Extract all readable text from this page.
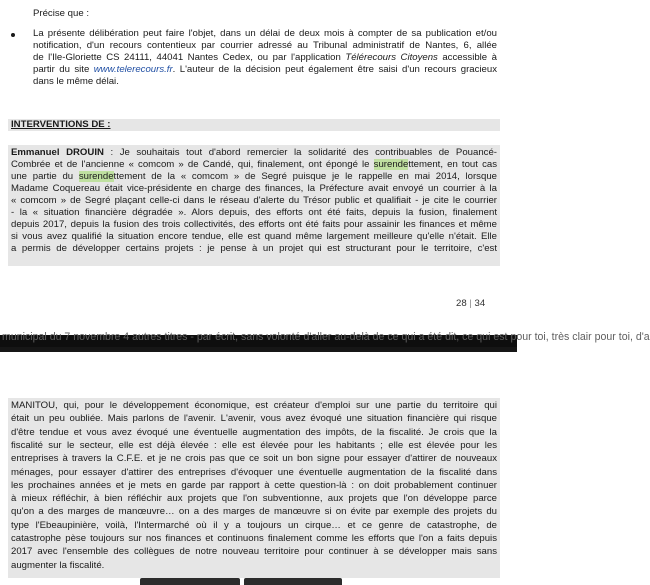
Précise que :
La présente délibération peut faire l'objet, dans un délai de deux mois à compter de sa publication et/ou
notification, d'un recours contentieux par courrier adressé au Tribunal administratif de Nantes, 6, allée
de l'Ile-Gloriette CS 24111, 44041 Nantes Cedex, ou par l'application Télérecours Citoyens accessible à
partir du site www.telerecours.fr. L'auteur de la décision peut également être saisi d'un recours gracieux
dans le même délai.
INTERVENTIONS DE :
Emmanuel DROUIN : Je souhaitais tout d'abord remercier la solidarité des contribuables de Pouancé-
Combrée et de l'ancienne « comcom » de Candé, qui, finalement, ont épongé le surendettement, en tout cas
une partie du surendettement de la « comcom » de Segré puisque je le rappelle en mai 2014, lorsque
Madame Coquereau était vice-présidente en charge des finances, la Préfecture avait envoyé un courrier à la
« comcom » de Segré plaçant celle-ci dans le réseau d'alerte du Trésor public et qualifiait - je cite le courrier
- la « situation financière dégradée ». Alors depuis, des efforts ont été faits, depuis la fusion, finalement
depuis 2017, depuis la fusion des trois collectivités, des efforts ont été faits pour assainir les finances et même
si vous avez qualifié la situation encore tendue, elle est quand même largement meilleure qu'elle n'était. Elle
a permis de développer certains projets : je pense à un projet qui est structurant pour le territoire, c'est
28 | 34
municipal du 7 novembre 4 autres titres - par écrit, sans volonté d'aller au-delà de ce qui a été dit, ce qui est pour toi, très clair pour toi, d'a
MANITOU, qui, pour le développement économique, est créateur d'emploi sur une partie du territoire qui
était un peu oubliée. Mais parlons de l'avenir. L'avenir, vous avez évoqué une situation financière qui risque
d'être tendue et vous avez évoqué une éventuelle augmentation des impôts, de la fiscalité. Je crois que la
fiscalité sur le secteur, elle est déjà élevée : elle est élevée pour les habitants ; elle est élevée pour les
entreprises à travers la C.F.E. et je ne crois pas que ce soit un bon signe pour essayer d'attirer de nouveaux
ménages, pour essayer d'attirer des entreprises d'évoquer une éventuelle augmentation de la fiscalité dans
les prochaines années et je mets en garde par rapport à cette question-là : on doit probablement continuer
à mieux réfléchir, à bien réfléchir aux projets que l'on subventionne, aux projets que l'on développe parce
qu'on a des marges de manœuvre… on a des marges de manœuvre si on évite par exemple des projets du
type l'Ebeaupinière, voilà, l'Intermarché où il y a toujours un cirque… et ce genre de catastrophe, de
catastrophe pèse toujours sur nos finances et continuons finalement comme les efforts que l'on a faits depuis
2017 avec l'ensemble des collègues de notre nouveau territoire pour continuer à se développer mais sans
augmenter la fiscalité.
